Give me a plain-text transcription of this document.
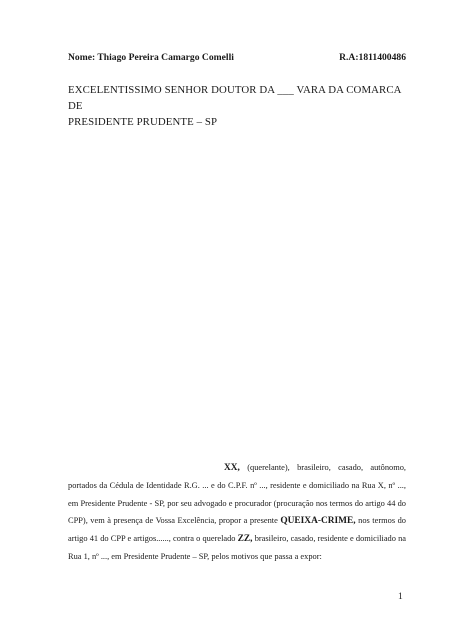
Nome: Thiago Pereira Camargo Comelli	R.A:1811400486
EXCELENTISSIMO SENHOR DOUTOR DA ___ VARA DA COMARCA DE
PRESIDENTE PRUDENTE – SP
XX, (querelante), brasileiro, casado, autônomo, portados da Cédula de Identidade R.G. ... e do C.P.F. nº ..., residente e domiciliado na Rua X, nº ..., em Presidente Prudente - SP, por seu advogado e procurador (procuração nos termos do artigo 44 do CPP), vem à presença de Vossa Excelência, propor a presente QUEIXA-CRIME, nos termos do artigo 41 do CPP e artigos......, contra o querelado ZZ, brasileiro, casado, residente e domiciliado na Rua 1, nº ..., em Presidente Prudente – SP, pelos motivos que passa a expor:
1
